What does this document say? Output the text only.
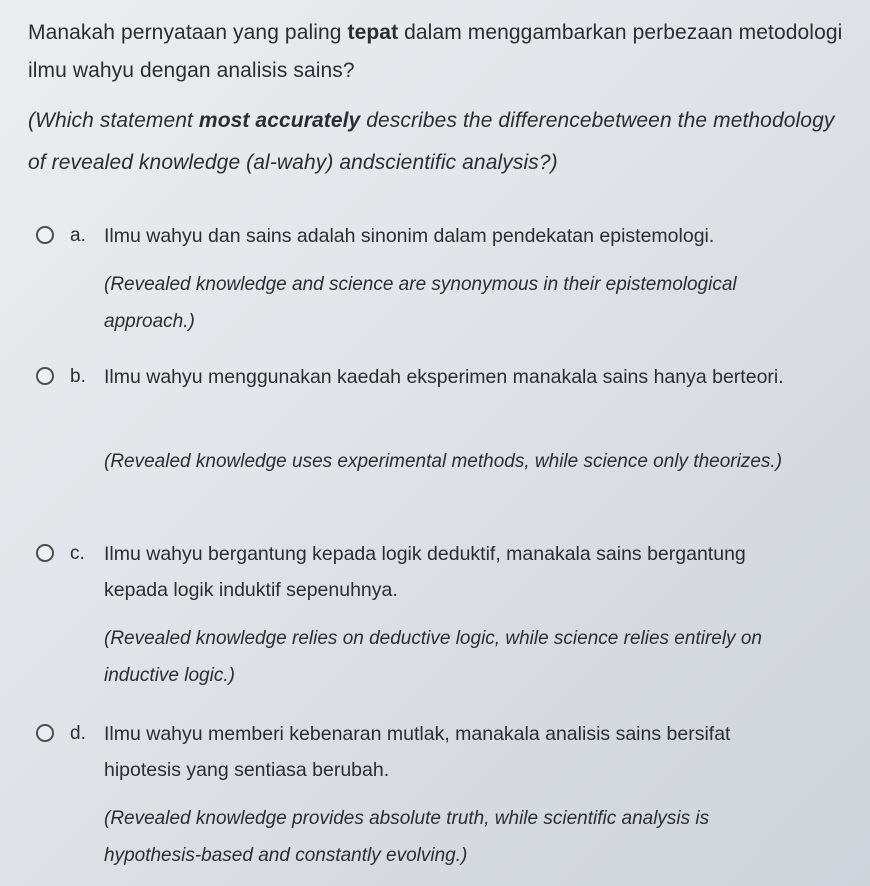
Manakah pernyataan yang paling tepat dalam menggambarkan perbezaan metodologi ilmu wahyu dengan analisis sains?
(Which statement most accurately describes the differencebetween the methodology of revealed knowledge (al-wahy) andscientific analysis?)
a. Ilmu wahyu dan sains adalah sinonim dalam pendekatan epistemologi.
(Revealed knowledge and science are synonymous in their epistemological approach.)
b. Ilmu wahyu menggunakan kaedah eksperimen manakala sains hanya berteori.
(Revealed knowledge uses experimental methods, while science only theorizes.)
c. Ilmu wahyu bergantung kepada logik deduktif, manakala sains bergantung kepada logik induktif sepenuhnya.
(Revealed knowledge relies on deductive logic, while science relies entirely on inductive logic.)
d. Ilmu wahyu memberi kebenaran mutlak, manakala analisis sains bersifat hipotesis yang sentiasa berubah.
(Revealed knowledge provides absolute truth, while scientific analysis is hypothesis-based and constantly evolving.)
